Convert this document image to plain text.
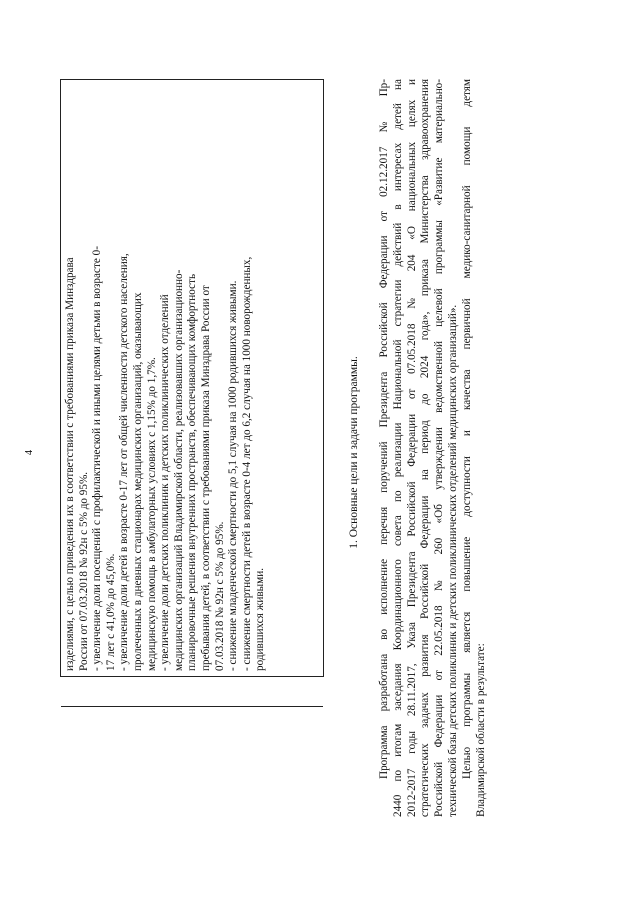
4	изделиями, с целью приведения их в соответствии с требованиями приказа Минздрава России от 07.03.2018 № 92н с 5% до 95%. - увеличение доли посещений с профилактической и иными целями детьми в возрасте 0- 17 лет с 41,0% до 45,0%. - увеличение доли детей в возрасте 0-17 лет от общей численности детского населения, пролеченных в дневных стационарах медицинских организаций, оказывающих медицинскую помощь в амбулаторных условиях с 1,15% до 1,7%. - увеличение доли детских поликлиник и детских поликлинических отделений медицинских организаций Владимирской области, реализовавших организационно- планировочные решения внутренних пространств, обеспечивающих комфортность пребывания детей, в соответствии с требованиями приказа Минздрава России от 07.03.2018 № 92н с 5% до 95%. - снижение младенческой смертности до 5,1 случая на 1000 родившихся живыми. - снижение смертности детей в возрасте 0-4 лет до 6,2 случая на 1000 новорожденных, родившихся живыми.
1. Основные цели и задачи программы. Программа разработана во исполнение перечня поручений Президента Российской Федерации от 02.12.2017 № Пр- 2440 по итогам заседания Координационного совета по реализации Национальной стратегии действий в интересах детей на 2012-2017 годы 28.11.2017, Указа Президента Российской Федерации от 07.05.2018 № 204 «О национальных целях и стратегических задачах развития Российской Федерации на период до 2024 года», приказа Министерства здравоохранения Российской Федерации от 22.05.2018 № 260 «Об утверждении ведомственной целевой программы «Развитие материально- технической базы детских поликлиник и детских поликлинических отделений медицинских организаций». Целью программы является повышение доступности и качества первичной медико-санитарной помощи детям Владимирской области в результате:
